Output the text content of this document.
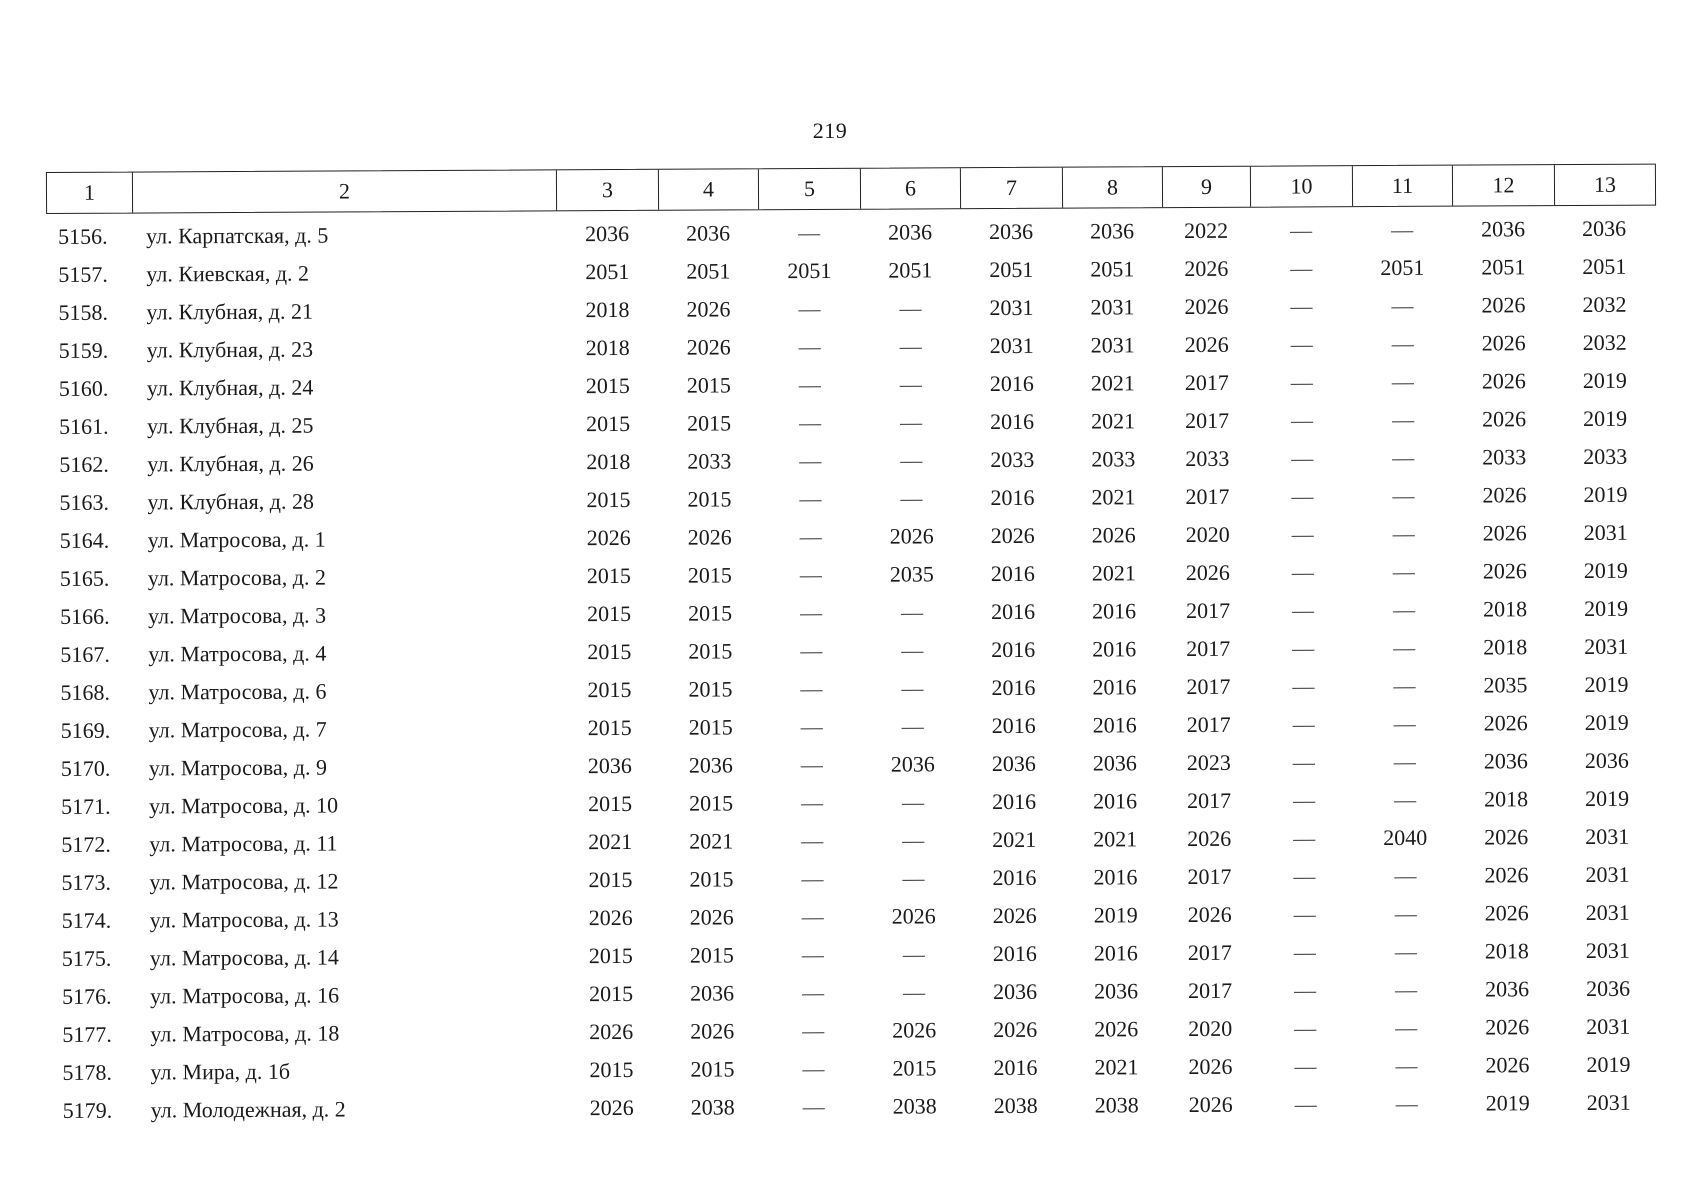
219
1	2	3	4	5	6	7	8	9	10	11	12	13
5156.	ул. Карпатская, д. 5	2036	2036	—	2036	2036	2036	2022	—	—	2036	2036
5157.	ул. Киевская, д. 2	2051	2051	2051	2051	2051	2051	2026	—	2051	2051	2051
5158.	ул. Клубная, д. 21	2018	2026	—	—	2031	2031	2026	—	—	2026	2032
5159.	ул. Клубная, д. 23	2018	2026	—	—	2031	2031	2026	—	—	2026	2032
5160.	ул. Клубная, д. 24	2015	2015	—	—	2016	2021	2017	—	—	2026	2019
5161.	ул. Клубная, д. 25	2015	2015	—	—	2016	2021	2017	—	—	2026	2019
5162.	ул. Клубная, д. 26	2018	2033	—	—	2033	2033	2033	—	—	2033	2033
5163.	ул. Клубная, д. 28	2015	2015	—	—	2016	2021	2017	—	—	2026	2019
5164.	ул. Матросова, д. 1	2026	2026	—	2026	2026	2026	2020	—	—	2026	2031
5165.	ул. Матросова, д. 2	2015	2015	—	2035	2016	2021	2026	—	—	2026	2019
5166.	ул. Матросова, д. 3	2015	2015	—	—	2016	2016	2017	—	—	2018	2019
5167.	ул. Матросова, д. 4	2015	2015	—	—	2016	2016	2017	—	—	2018	2031
5168.	ул. Матросова, д. 6	2015	2015	—	—	2016	2016	2017	—	—	2035	2019
5169.	ул. Матросова, д. 7	2015	2015	—	—	2016	2016	2017	—	—	2026	2019
5170.	ул. Матросова, д. 9	2036	2036	—	2036	2036	2036	2023	—	—	2036	2036
5171.	ул. Матросова, д. 10	2015	2015	—	—	2016	2016	2017	—	—	2018	2019
5172.	ул. Матросова, д. 11	2021	2021	—	—	2021	2021	2026	—	2040	2026	2031
5173.	ул. Матросова, д. 12	2015	2015	—	—	2016	2016	2017	—	—	2026	2031
5174.	ул. Матросова, д. 13	2026	2026	—	2026	2026	2019	2026	—	—	2026	2031
5175.	ул. Матросова, д. 14	2015	2015	—	—	2016	2016	2017	—	—	2018	2031
5176.	ул. Матросова, д. 16	2015	2036	—	—	2036	2036	2017	—	—	2036	2036
5177.	ул. Матросова, д. 18	2026	2026	—	2026	2026	2026	2020	—	—	2026	2031
5178.	ул. Мира, д. 1б	2015	2015	—	2015	2016	2021	2026	—	—	2026	2019
5179.	ул. Молодежная, д. 2	2026	2038	—	2038	2038	2038	2026	—	—	2019	2031
